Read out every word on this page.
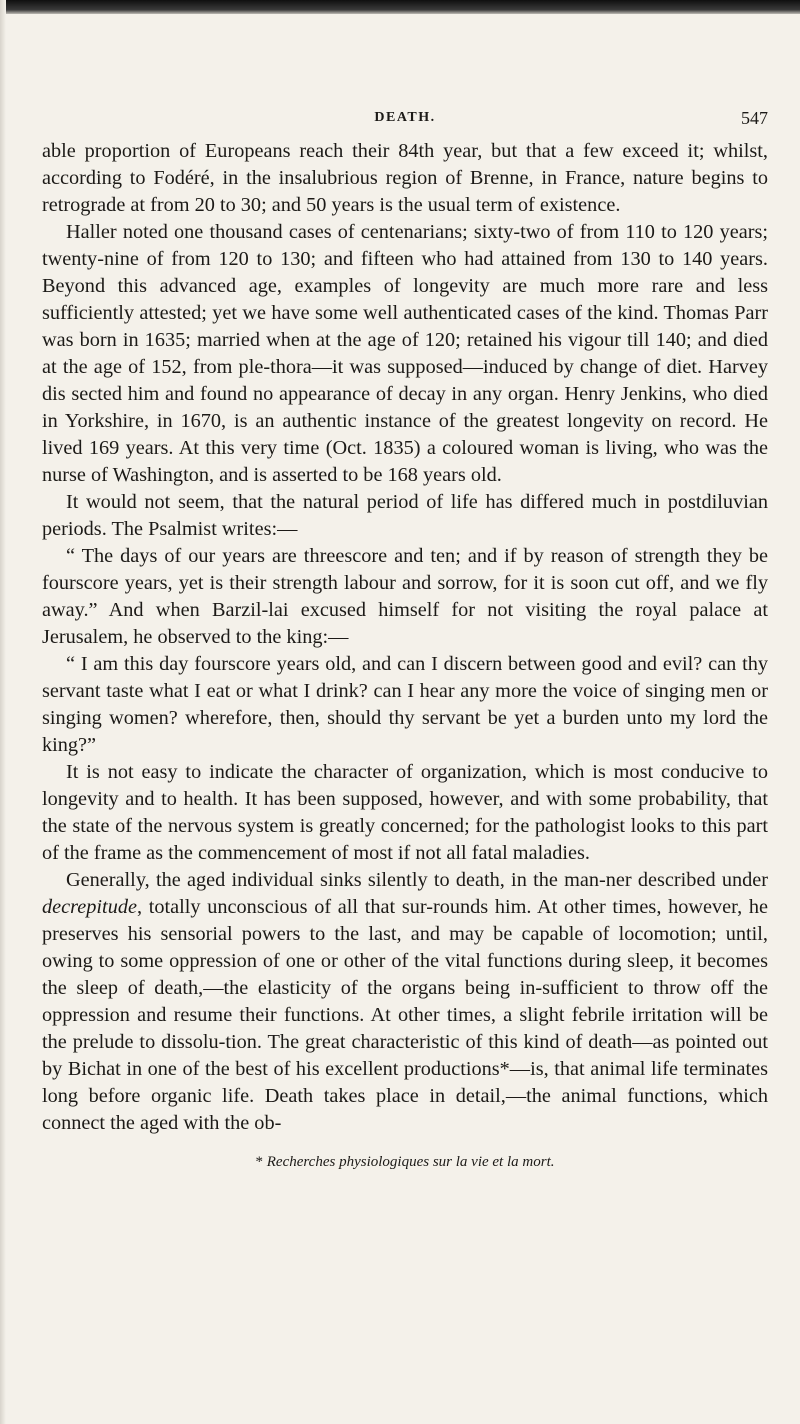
DEATH.	547

able proportion of Europeans reach their 84th year, but that a few exceed it; whilst, according to Fodéré, in the insalubrious region of Brenne, in France, nature begins to retrograde at from 20 to 30; and 50 years is the usual term of existence.

Haller noted one thousand cases of centenarians; sixty-two of from 110 to 120 years; twenty-nine of from 120 to 130; and fifteen who had attained from 130 to 140 years. Beyond this advanced age, examples of longevity are much more rare and less sufficiently attested; yet we have some well authenticated cases of the kind. Thomas Parr was born in 1635; married when at the age of 120; retained his vigour till 140; and died at the age of 152, from ple-thora—it was supposed—induced by change of diet. Harvey dis sected him and found no appearance of decay in any organ. Henry Jenkins, who died in Yorkshire, in 1670, is an authentic instance of the greatest longevity on record. He lived 169 years. At this very time (Oct. 1835) a coloured woman is living, who was the nurse of Washington, and is asserted to be 168 years old.

It would not seem, that the natural period of life has differed much in postdiluvian periods. The Psalmist writes:—

“ The days of our years are threescore and ten; and if by reason of strength they be fourscore years, yet is their strength labour and sorrow, for it is soon cut off, and we fly away.” And when Barzil-lai excused himself for not visiting the royal palace at Jerusalem, he observed to the king:—

“ I am this day fourscore years old, and can I discern between good and evil? can thy servant taste what I eat or what I drink? can I hear any more the voice of singing men or singing women? wherefore, then, should thy servant be yet a burden unto my lord the king?”

It is not easy to indicate the character of organization, which is most conducive to longevity and to health. It has been supposed, however, and with some probability, that the state of the nervous system is greatly concerned; for the pathologist looks to this part of the frame as the commencement of most if not all fatal maladies.

Generally, the aged individual sinks silently to death, in the man-ner described under decrepitude, totally unconscious of all that sur-rounds him. At other times, however, he preserves his sensorial powers to the last, and may be capable of locomotion; until, owing to some oppression of one or other of the vital functions during sleep, it becomes the sleep of death,—the elasticity of the organs being in-sufficient to throw off the oppression and resume their functions. At other times, a slight febrile irritation will be the prelude to dissolu-tion. The great characteristic of this kind of death—as pointed out by Bichat in one of the best of his excellent productions*—is, that animal life terminates long before organic life. Death takes place in detail,—the animal functions, which connect the aged with the ob-

* Recherches physiologiques sur la vie et la mort.
